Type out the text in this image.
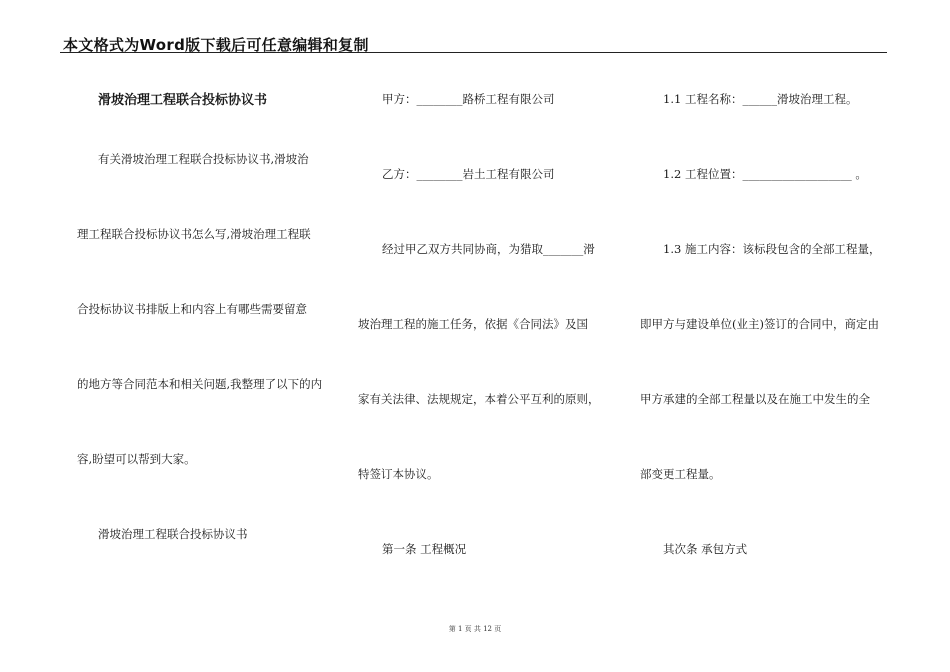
本文格式为Word版下载后可任意编辑和复制
滑坡治理工程联合投标协议书
有关滑坡治理工程联合投标协议书,滑坡治
理工程联合投标协议书怎么写,滑坡治理工程联
合投标协议书排版上和内容上有哪些需要留意
的地方等合同范本和相关问题,我整理了以下的内
容,盼望可以帮到大家。
滑坡治理工程联合投标协议书
甲方：________路桥工程有限公司
乙方：________岩土工程有限公司
经过甲乙双方共同协商，为猎取_______滑
坡治理工程的施工任务，依据《合同法》及国
家有关法律、法规规定，本着公平互利的原则，
特签订本协议。
第一条 工程概况
1.1 工程名称：______滑坡治理工程。
1.2 工程位置：___________________ 。
1.3 施工内容：该标段包含的全部工程量，
即甲方与建设单位(业主)签订的合同中，商定由
甲方承建的全部工程量以及在施工中发生的全
部变更工程量。
其次条 承包方式
第 1 页 共 12 页
